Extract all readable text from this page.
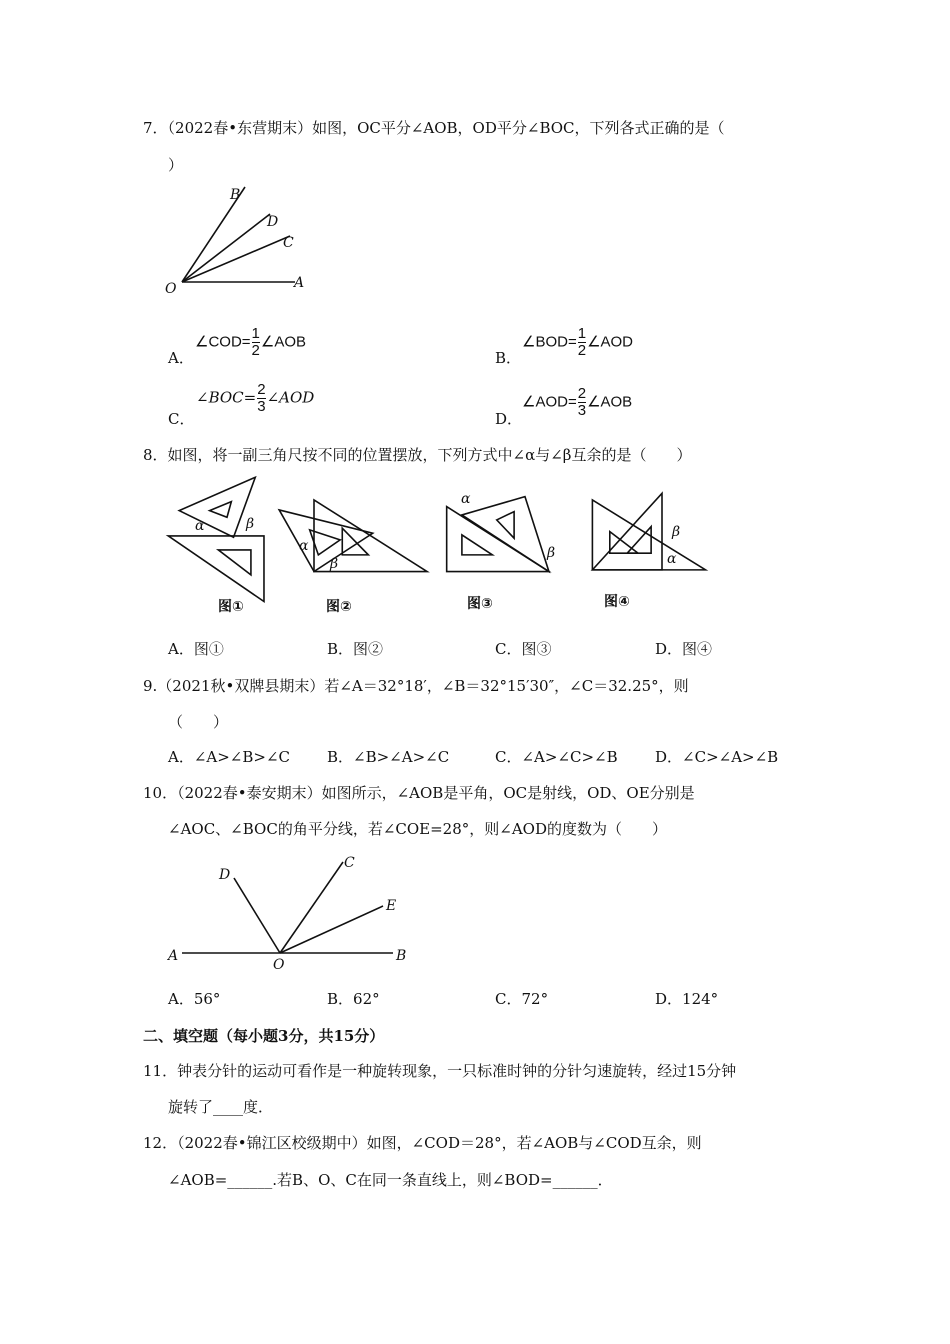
7．（2022春•东营期末）如图，OC平分∠AOB，OD平分∠BOC，下列各式正确的是（
）
B
D
C
O	A
α	β
α
β
α
β	α
β
图①	图②	图③	图④
D
C
E
A
O
B
A．
∠COD= $\frac{1}{2}$ ∠AOB
B．
∠BOD= $\frac{1}{2}$ ∠AOD
C．
∠BOC= $\frac{2}{3}$ ∠AOD
D．
∠AOD= $\frac{2}{3}$ ∠AOB
8．如图，将一副三角尺按不同的位置摆放，下列方式中∠α与∠β互余的是（　　）
A．图①	B．图②	C．图③	D．图④
9.（2021秋•双牌县期末）若∠A＝32°18′，∠B＝32°15′30″，∠C＝32.25°，则
（　　）
A．∠A>∠B>∠C B．∠B>∠A>∠C	C．∠A>∠C>∠B D．∠C>∠A>∠B
10．（2022春•泰安期末）如图所示，∠AOB是平角，OC是射线，OD、OE分别是
∠AOC、∠BOC的角平分线，若∠COE=28°，则∠AOD的度数为（　　）
A．56°	B．62°	C．72°	D．124°
二、填空题（每小题3分，共15分）
11．钟表分针的运动可看作是一种旋转现象，一只标准时钟的分针匀速旋转，经过15分钟
旋转了____度．
12．（2022春•锦江区校级期中）如图，∠COD＝28°，若∠AOB与∠COD互余，则
∠AOB=______.若B、O、C在同一条直线上，则∠BOD=______．
